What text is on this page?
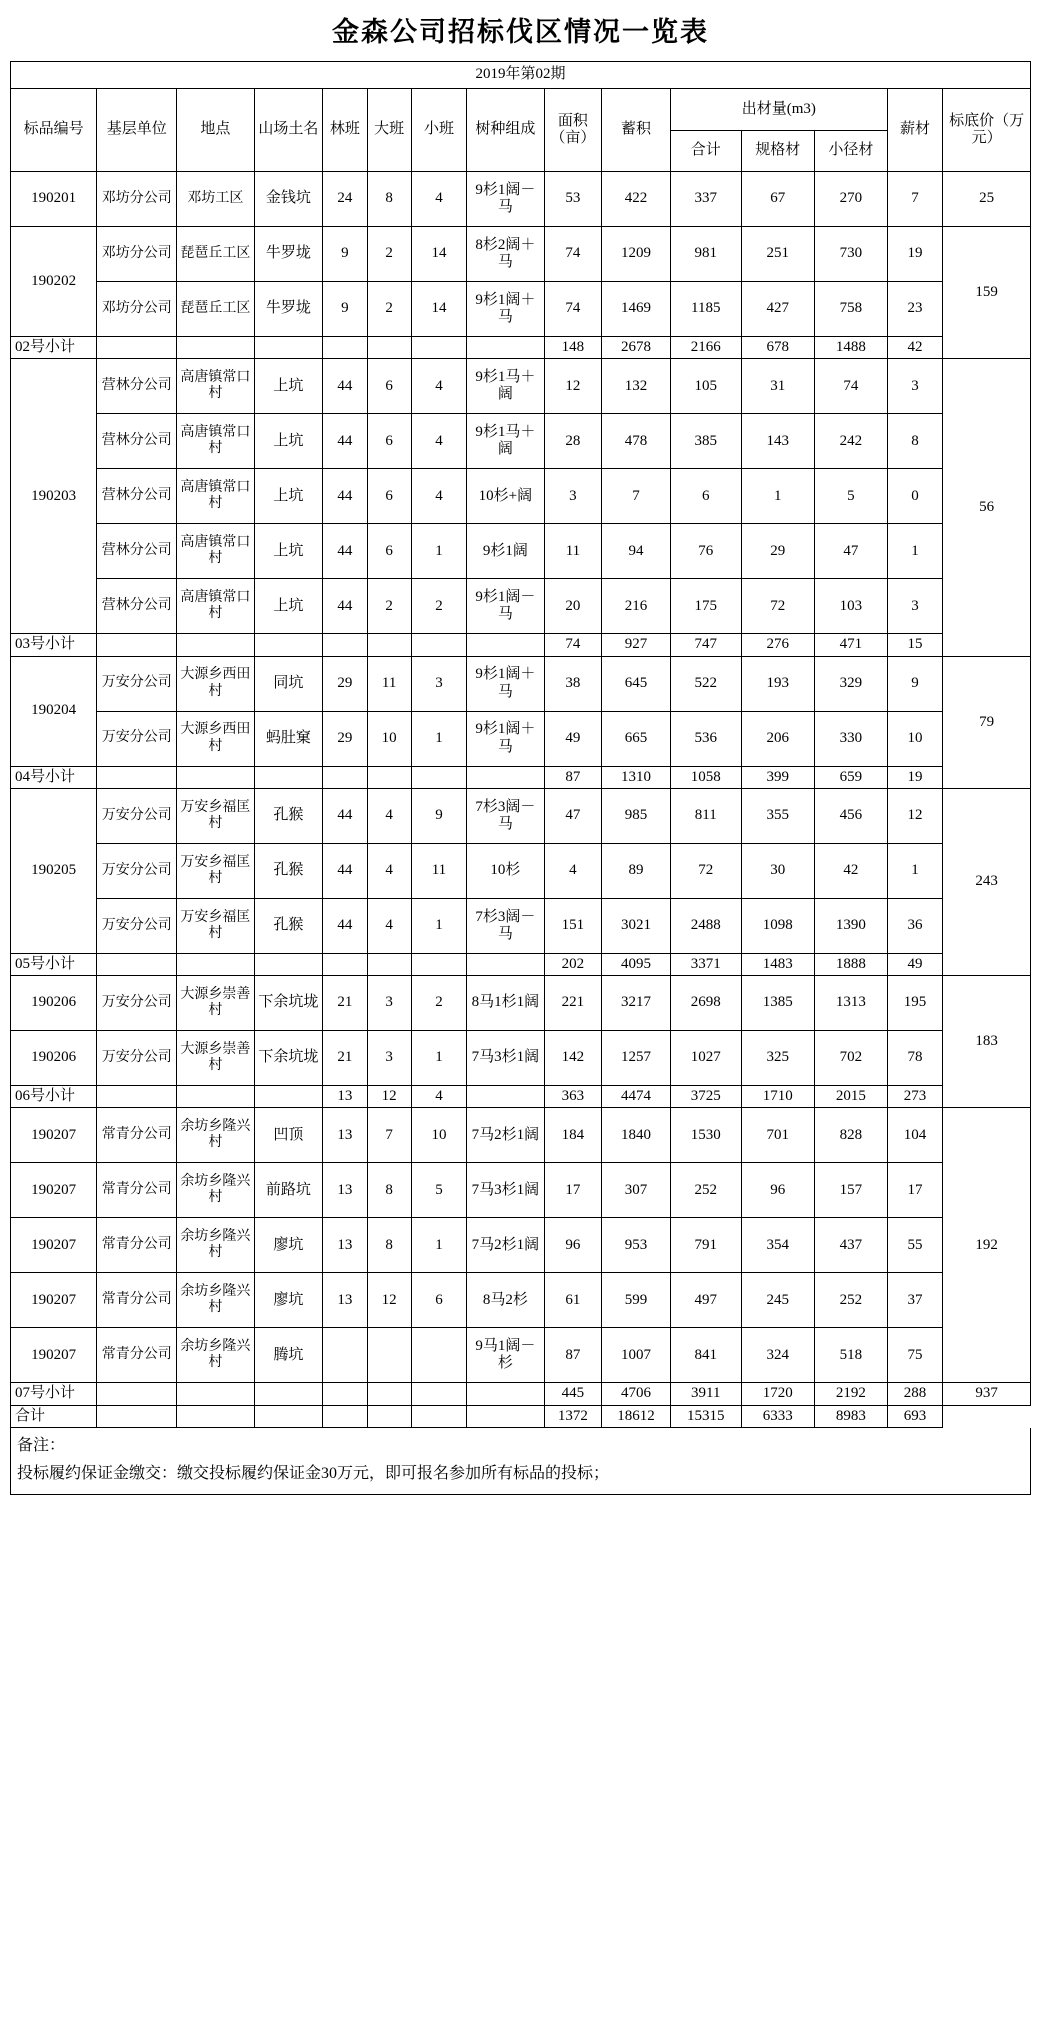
金森公司招标伐区情况一览表
2019年第02期														
标品编号	基层单位	地点	山场土名	林班	大班	小班	树种组成	面积（亩）	蓄积	出材量(m3)			薪材	标底价（万元）
										合计	规格材	小径材		
190201	邓坊分公司	邓坊工区	金钱坑	24	8	4	9杉1阔－马	53	422	337	67	270	7	25
190202	邓坊分公司	琵琶丘工区	牛罗垅	9	2	14	8杉2阔＋马	74	1209	981	251	730	19	159
	邓坊分公司	琵琶丘工区	牛罗垅	9	2	14	9杉1阔＋马	74	1469	1185	427	758	23	
02号小计								148	2678	2166	678	1488	42	
190203	营林分公司	高唐镇常口村	上坑	44	6	4	9杉1马＋阔	12	132	105	31	74	3	56
	营林分公司	高唐镇常口村	上坑	44	6	4	9杉1马＋阔	28	478	385	143	242	8	
	营林分公司	高唐镇常口村	上坑	44	6	4	10杉+阔	3	7	6	1	5	0	
	营林分公司	高唐镇常口村	上坑	44	6	1	9杉1阔	11	94	76	29	47	1	
	营林分公司	高唐镇常口村	上坑	44	2	2	9杉1阔－马	20	216	175	72	103	3	
03号小计								74	927	747	276	471	15	
190204	万安分公司	大源乡西田村	同坑	29	11	3	9杉1阔＋马	38	645	522	193	329	9	79
	万安分公司	大源乡西田村	蚂肚窠	29	10	1	9杉1阔＋马	49	665	536	206	330	10	
04号小计								87	1310	1058	399	659	19	
190205	万安分公司	万安乡福匡村	孔猴	44	4	9	7杉3阔－马	47	985	811	355	456	12	243
	万安分公司	万安乡福匡村	孔猴	44	4	11	10杉	4	89	72	30	42	1	
	万安分公司	万安乡福匡村	孔猴	44	4	1	7杉3阔－马	151	3021	2488	1098	1390	36	
05号小计								202	4095	3371	1483	1888	49	
190206	万安分公司	大源乡崇善村	下余坑垅	21	3	2	8马1杉1阔	221	3217	2698	1385	1313	195	183
190206	万安分公司	大源乡崇善村	下余坑垅	21	3	1	7马3杉1阔	142	1257	1027	325	702	78	
06号小计				13	12	4		363	4474	3725	1710	2015	273	
190207	常青分公司	余坊乡隆兴村	凹顶	13	7	10	7马2杉1阔	184	1840	1530	701	828	104	192
190207	常青分公司	余坊乡隆兴村	前路坑	13	8	5	7马3杉1阔	17	307	252	96	157	17	
190207	常青分公司	余坊乡隆兴村	廖坑	13	8	1	7马2杉1阔	96	953	791	354	437	55	
190207	常青分公司	余坊乡隆兴村	廖坑	13	12	6	8马2杉	61	599	497	245	252	37	
190207	常青分公司	余坊乡隆兴村	腾坑				9马1阔－杉	87	1007	841	324	518	75	
07号小计								445	4706	3911	1720	2192	288	937
合计								1372	18612	15315	6333	8983	693	
备注：
投标履约保证金缴交：缴交投标履约保证金30万元，即可报名参加所有标品的投标；
